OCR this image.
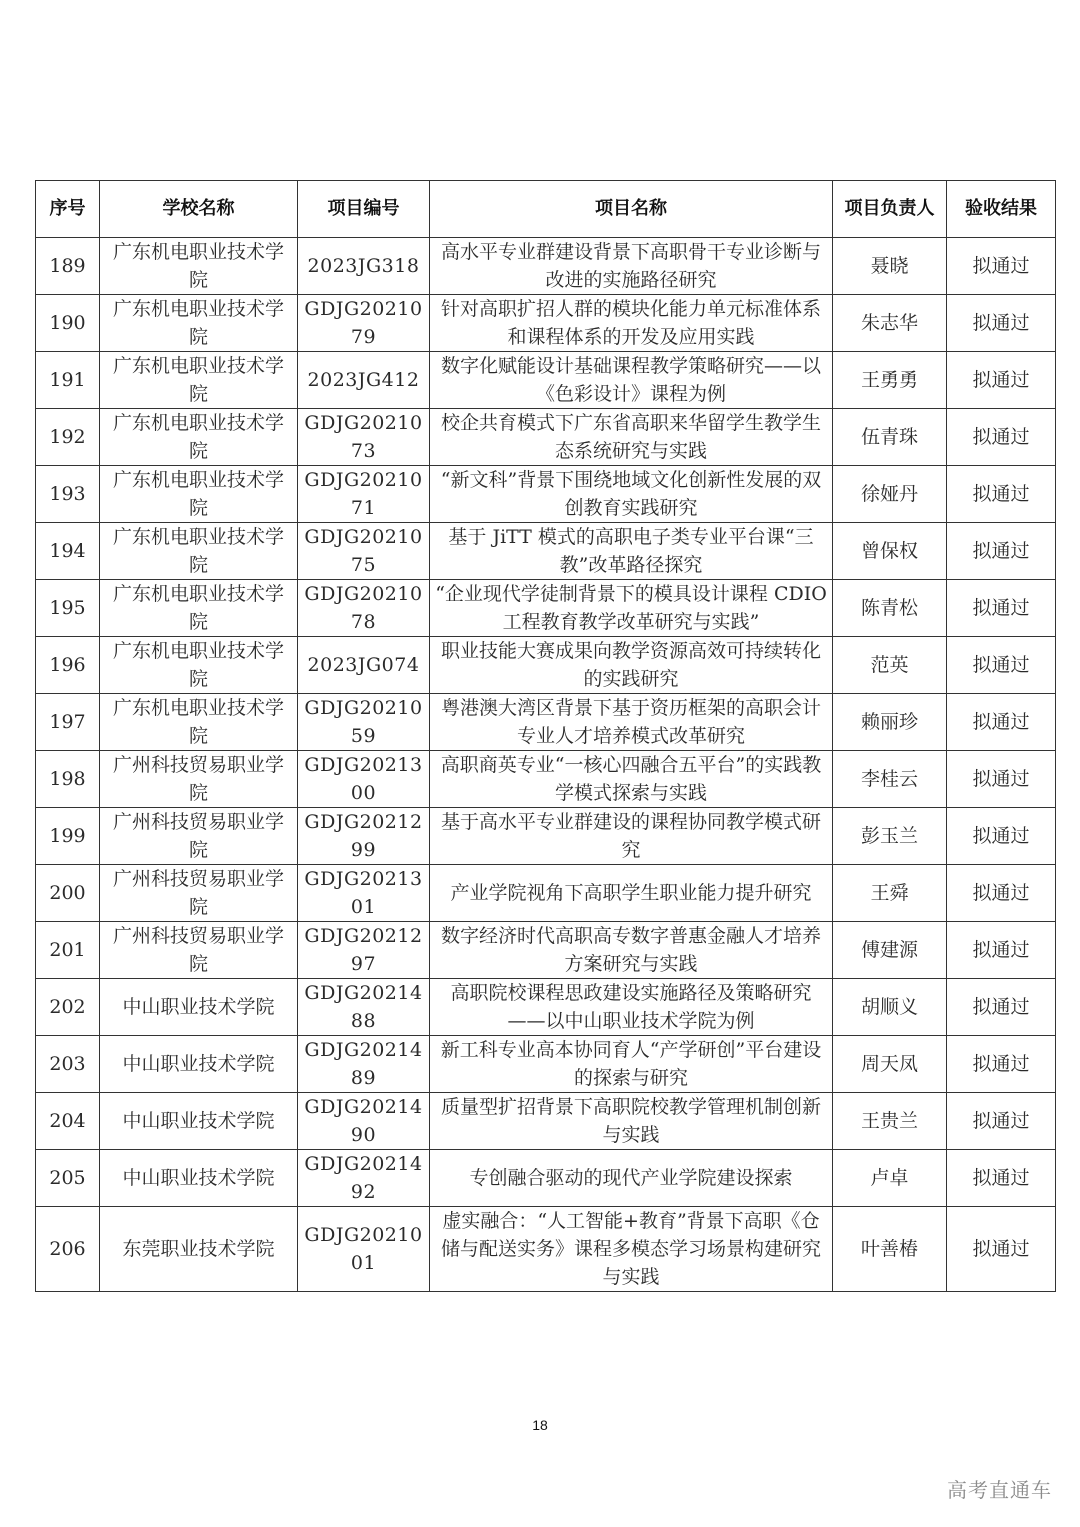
序号	学校名称	项目编号	项目名称	项目负责人	验收结果
189	广东机电职业技术学院	2023JG318	高水平专业群建设背景下高职骨干专业诊断与改进的实施路径研究	聂晓	拟通过
190	广东机电职业技术学院	GDJG2021079	针对高职扩招人群的模块化能力单元标准体系和课程体系的开发及应用实践	朱志华	拟通过
191	广东机电职业技术学院	2023JG412	数字化赋能设计基础课程教学策略研究——以《色彩设计》课程为例	王勇勇	拟通过
192	广东机电职业技术学院	GDJG2021073	校企共育模式下广东省高职来华留学生教学生态系统研究与实践	伍青珠	拟通过
193	广东机电职业技术学院	GDJG2021071	“新文科”背景下围绕地域文化创新性发展的双创教育实践研究	徐娅丹	拟通过
194	广东机电职业技术学院	GDJG2021075	基于 JiTT 模式的高职电子类专业平台课“三教”改革路径探究	曾保权	拟通过
195	广东机电职业技术学院	GDJG2021078	“企业现代学徒制背景下的模具设计课程 CDIO 工程教育教学改革研究与实践”	陈青松	拟通过
196	广东机电职业技术学院	2023JG074	职业技能大赛成果向教学资源高效可持续转化的实践研究	范英	拟通过
197	广东机电职业技术学院	GDJG2021059	粤港澳大湾区背景下基于资历框架的高职会计专业人才培养模式改革研究	赖丽珍	拟通过
198	广州科技贸易职业学院	GDJG2021300	高职商英专业“一核心四融合五平台”的实践教学模式探索与实践	李桂云	拟通过
199	广州科技贸易职业学院	GDJG2021299	基于高水平专业群建设的课程协同教学模式研究	彭玉兰	拟通过
200	广州科技贸易职业学院	GDJG2021301	产业学院视角下高职学生职业能力提升研究	王舜	拟通过
201	广州科技贸易职业学院	GDJG2021297	数字经济时代高职高专数字普惠金融人才培养方案研究与实践	傅建源	拟通过
202	中山职业技术学院	GDJG2021488	高职院校课程思政建设实施路径及策略研究——以中山职业技术学院为例	胡顺义	拟通过
203	中山职业技术学院	GDJG2021489	新工科专业高本协同育人“产学研创”平台建设的探索与研究	周天凤	拟通过
204	中山职业技术学院	GDJG2021490	质量型扩招背景下高职院校教学管理机制创新与实践	王贵兰	拟通过
205	中山职业技术学院	GDJG2021492	专创融合驱动的现代产业学院建设探索	卢卓	拟通过
206	东莞职业技术学院	GDJG2021001	虚实融合：“人工智能+教育”背景下高职《仓储与配送实务》课程多模态学习场景构建研究与实践	叶善椿	拟通过
18
高考直通车
